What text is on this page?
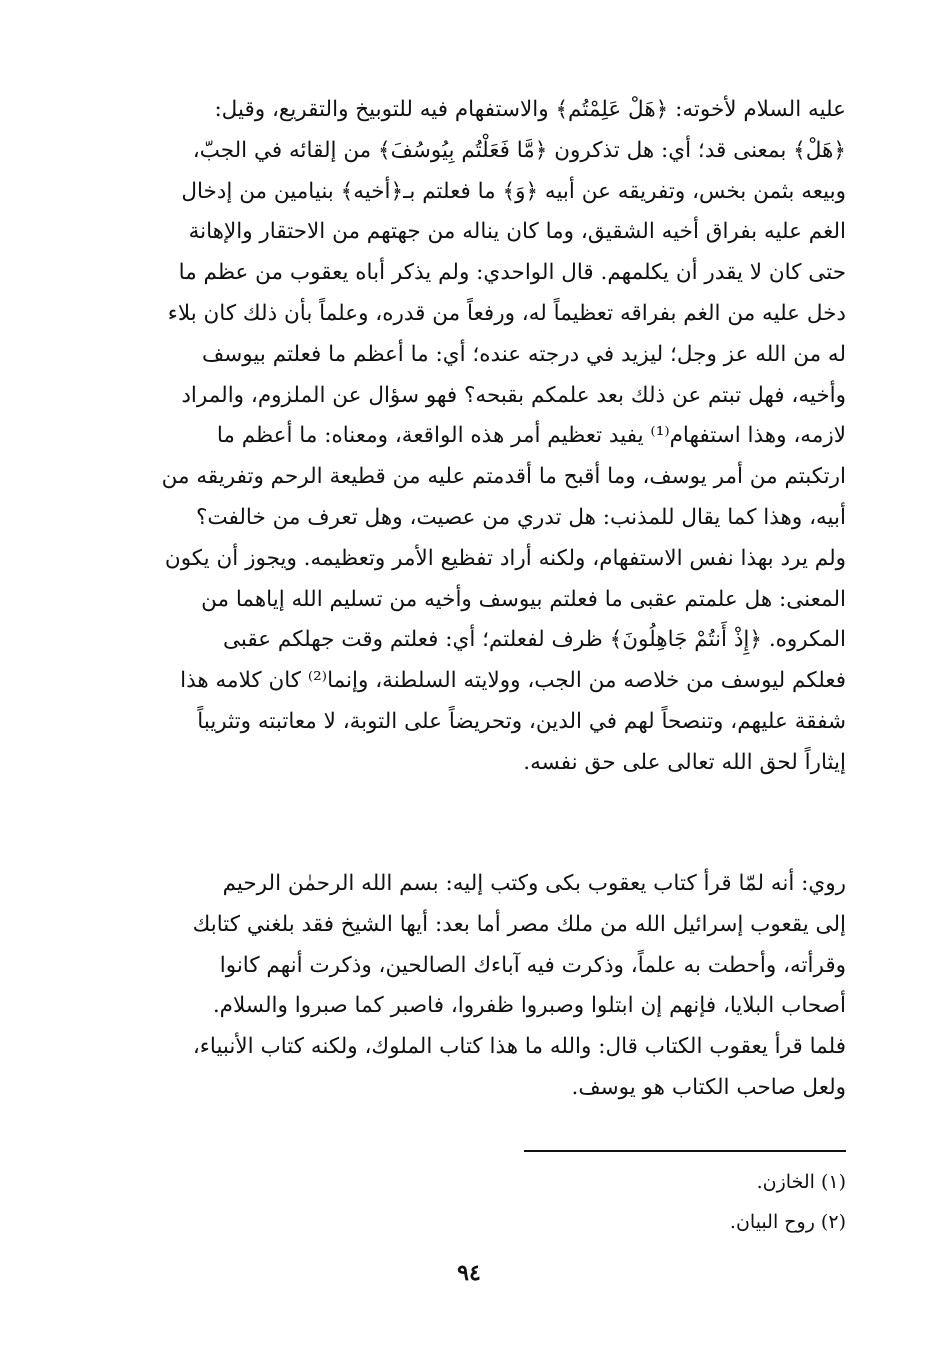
عليه السلام لأخوته: ﴿هَلْ عَلِمْتُم﴾ والاستفهام فيه للتوبيخ والتقريع، وقيل:
﴿هَلْ﴾ بمعنى قد؛ أي: هل تذكرون ﴿مَّا فَعَلْتُم بِيُوسُفَ﴾ من إلقائه في الجبّ،
وبيعه بثمن بخس، وتفريقه عن أبيه ﴿وَ﴾ ما فعلتم بـ﴿أخيه﴾ بنيامين من إدخال
الغم عليه بفراق أخيه الشقيق، وما كان يناله من جهتهم من الاحتقار والإهانة
حتى كان لا يقدر أن يكلمهم. قال الواحدي: ولم يذكر أباه يعقوب من عظم ما
دخل عليه من الغم بفراقه تعظيماً له، ورفعاً من قدره، وعلماً بأن ذلك كان بلاء
له من الله عز وجل؛ ليزيد في درجته عنده؛ أي: ما أعظم ما فعلتم بيوسف
وأخيه، فهل تبتم عن ذلك بعد علمكم بقبحه؟ فهو سؤال عن الملزوم، والمراد
لازمه، وهذا استفهام⁽¹⁾ يفيد تعظيم أمر هذه الواقعة، ومعناه: ما أعظم ما
ارتكبتم من أمر يوسف، وما أقبح ما أقدمتم عليه من قطيعة الرحم وتفريقه من
أبيه، وهذا كما يقال للمذنب: هل تدري من عصيت، وهل تعرف من خالفت؟
ولم يرد بهذا نفس الاستفهام، ولكنه أراد تفظيع الأمر وتعظيمه. ويجوز أن يكون
المعنى: هل علمتم عقبى ما فعلتم بيوسف وأخيه من تسليم الله إياهما من
المكروه. ﴿إِذْ أَنتُمْ جَاهِلُونَ﴾ ظرف لفعلتم؛ أي: فعلتم وقت جهلكم عقبى
فعلكم ليوسف من خلاصه من الجب، وولايته السلطنة، وإنما⁽²⁾ كان كلامه هذا
شفقة عليهم، وتنصحاً لهم في الدين، وتحريضاً على التوبة، لا معاتبته وتثريباً
إيثاراً لحق الله تعالى على حق نفسه.

روي: أنه لمّا قرأ كتاب يعقوب بكى وكتب إليه: بسم الله الرحمٰن الرحيم
إلى يقعوب إسرائيل الله من ملك مصر أما بعد: أيها الشيخ فقد بلغني كتابك
وقرأته، وأحطت به علماً، وذكرت فيه آباءك الصالحين، وذكرت أنهم كانوا
أصحاب البلايا، فإنهم إن ابتلوا وصبروا ظفروا، فاصبر كما صبروا والسلام.
فلما قرأ يعقوب الكتاب قال: والله ما هذا كتاب الملوك، ولكنه كتاب الأنبياء،
ولعل صاحب الكتاب هو يوسف.

(١) الخازن.
(٢) روح البيان.
٩٤
